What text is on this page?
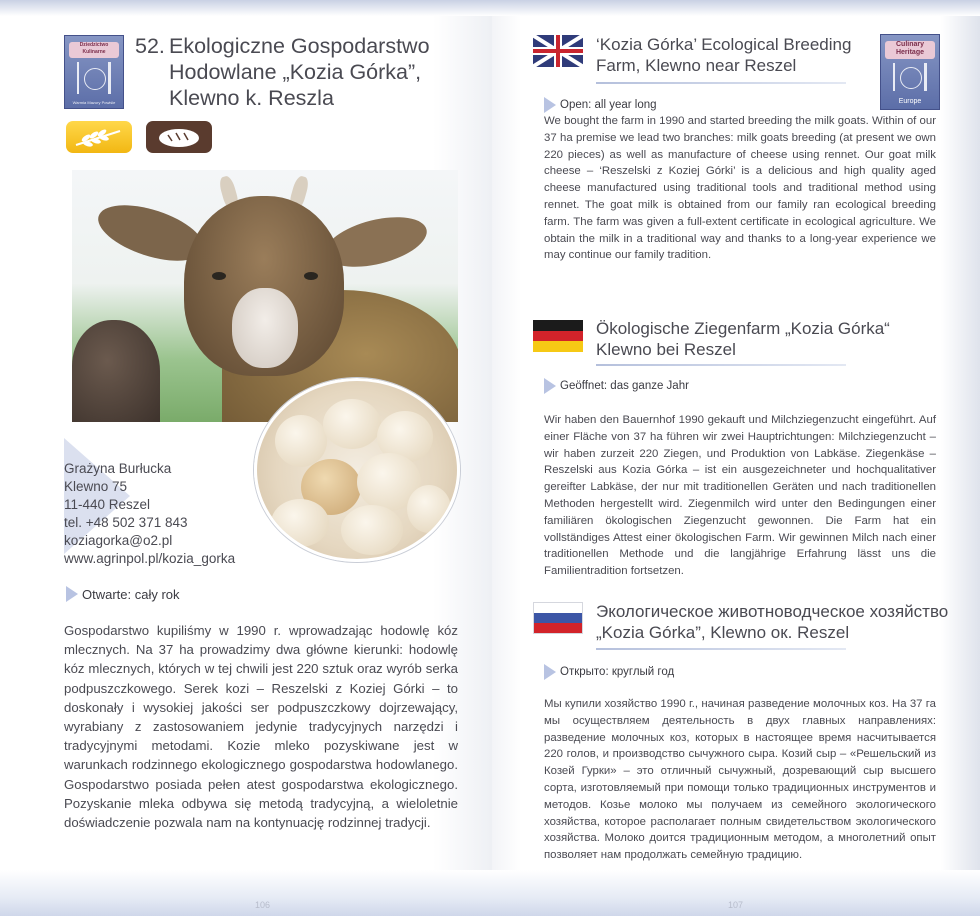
Dziedzictwo Kulinarne
Warmia Mazury Powiśle
52. Ekologiczne Gospodarstwo
Hodowlane „Kozia Górka”,
Klewno k. Reszla
Grażyna Burłucka
Klewno 75
11-440 Reszel
tel. +48 502 371 843
koziagorka@o2.pl
www.agrinpol.pl/kozia_gorka
Otwarte: cały rok
Gospodarstwo kupiliśmy w 1990 r. wprowadzając hodowlę kóz mlecznych. Na 37 ha prowadzimy dwa główne kierunki: hodowlę kóz mlecznych, których w tej chwili jest 220 sztuk oraz wyrób serka podpuszczkowego. Serek kozi – Reszelski z Koziej Górki – to doskonały i wysokiej jakości ser podpuszczkowy dojrzewający, wyrabiany z zastosowaniem jedynie tradycyjnych narzędzi i tradycyjnymi metodami. Kozie mleko pozyskiwane jest w warunkach rodzinnego ekologicznego gospodarstwa hodowlanego. Gospodarstwo posiada pełen atest gospodarstwa ekologicznego. Pozyskanie mleka odbywa się metodą tradycyjną, a wieloletnie doświadczenie pozwala nam na kontynuację rodzinnej tradycji.
106
‘Kozia Górka’ Ecological Breeding
Farm, Klewno near Reszel
Culinary Heritage
Europe
Open: all year long
We bought the farm in 1990 and started breeding the milk goats. Within of our 37 ha premise we lead two branches: milk goats breeding (at present we own 220 pieces) as well as manufacture of cheese using rennet. Our goat milk cheese – ‘Reszelski z Koziej Górki’ is a delicious and high quality aged cheese manufactured using traditional tools and traditional method using rennet. The goat milk is obtained from our family ran ecological breeding farm. The farm was given a full-extent certificate in ecological agriculture. We obtain the milk in a traditional way and thanks to a long-year experience we may continue our family tradition.
Ökologische Ziegenfarm „Kozia Górka“
Klewno bei Reszel
Geöffnet: das ganze Jahr
Wir haben den Bauernhof 1990 gekauft und Milchziegenzucht eingeführt. Auf einer Fläche von 37 ha führen wir zwei Hauptrichtungen: Milchziegenzucht – wir haben zurzeit 220 Ziegen, und Produktion von Labkäse. Ziegenkäse – Reszelski aus Kozia Górka – ist ein ausgezeichneter und hochqualitativer gereifter Labkäse, der nur mit traditionellen Geräten und nach traditionellen Methoden hergestellt wird. Ziegenmilch wird unter den Bedingungen einer familiären ökologischen Ziegenzucht gewonnen. Die Farm hat ein vollständiges Attest einer ökologischen Farm. Wir gewinnen Milch nach einer traditionellen Methode und die langjährige Erfahrung lässt uns die Familientradition fortsetzen.
Экологическое животноводческое хозяйство
„Kozia Górka”, Klewno ок. Reszel
Открыто: круглый год
Мы купили хозяйство 1990 г., начиная разведение молочных коз. На 37 га мы осуществляем деятельность в двух главных направлениях: разведение молочных коз, которых в настоящее время насчитывается 220 голов, и производство сычужного сыра. Козий сыр – «Решельский из Козей Гурки» – это отличный сычужный, дозревающий сыр высшего сорта, изготовляемый при помощи только традиционных инструментов и методов. Козье молоко мы получаем из семейного экологического хозяйства, которое располагает полным свидетельством экологического хозяйства. Молоко доится традиционным методом, а многолетний опыт позволяет нам продолжать семейную традицию.
107
